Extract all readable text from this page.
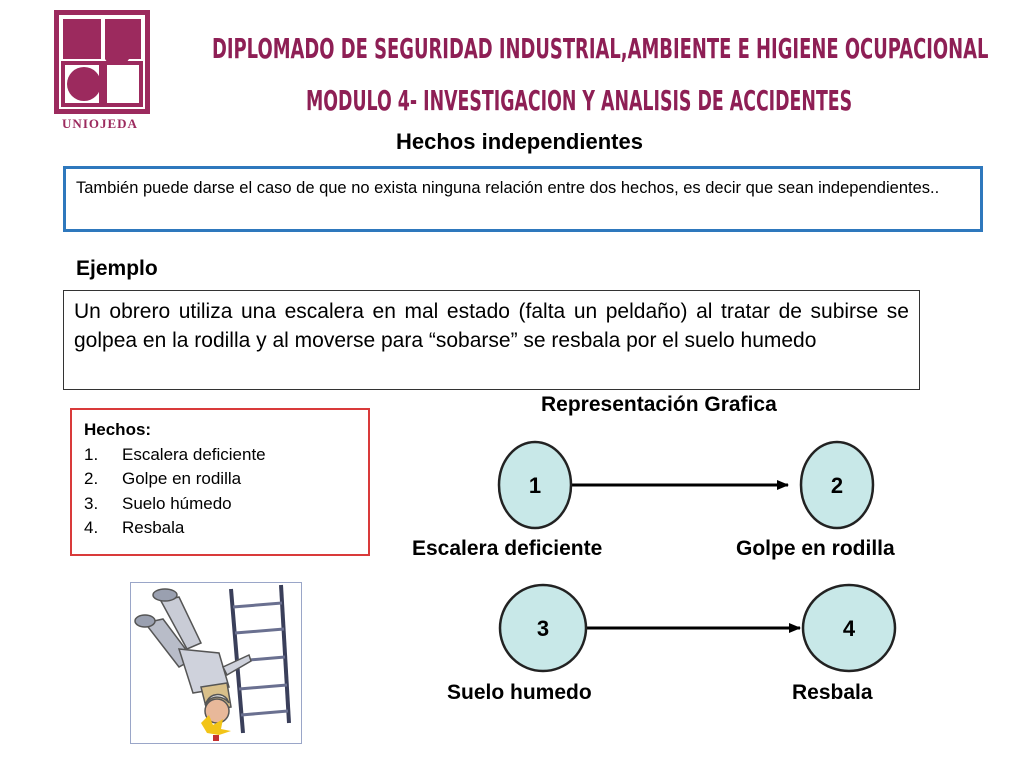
UNIOJEDA
DIPLOMADO DE SEGURIDAD INDUSTRIAL,AMBIENTE E HIGIENE OCUPACIONAL
MODULO 4- INVESTIGACION Y ANALISIS DE ACCIDENTES
Hechos independientes
También puede darse el caso de que no exista ninguna relación entre dos hechos, es decir que sean independientes..
Ejemplo
Un obrero utiliza una escalera en mal estado (falta un peldaño) al tratar de subirse se golpea en la rodilla y al moverse para “sobarse” se resbala por el suelo humedo
Hechos:
1.	Escalera deficiente
2.	Golpe en rodilla
3.	Suelo húmedo
4.	Resbala
Representación Grafica
1	2
3	4
Escalera deficiente	Golpe en rodilla
Suelo humedo	Resbala
